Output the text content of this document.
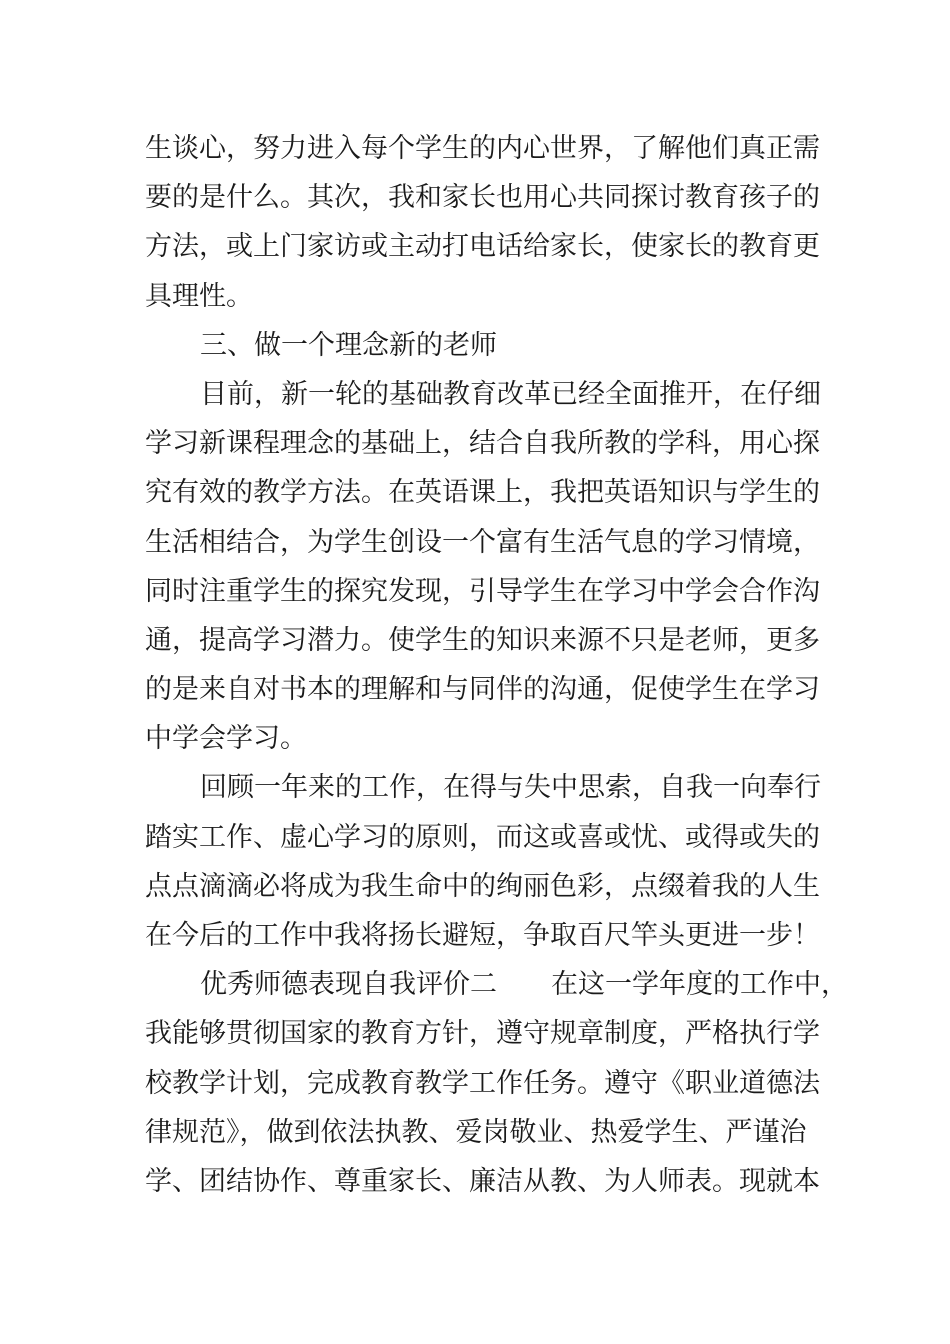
生谈心，努力进入每个学生的内心世界，了解他们真正需
要的是什么。其次，我和家长也用心共同探讨教育孩子的
方法，或上门家访或主动打电话给家长，使家长的教育更
具理性。
三、做一个理念新的老师
目前，新一轮的基础教育改革已经全面推开，在仔细
学习新课程理念的基础上，结合自我所教的学科，用心探
究有效的教学方法。在英语课上，我把英语知识与学生的
生活相结合，为学生创设一个富有生活气息的学习情境，
同时注重学生的探究发现，引导学生在学习中学会合作沟
通，提高学习潜力。使学生的知识来源不只是老师，更多
的是来自对书本的理解和与同伴的沟通，促使学生在学习
中学会学习。
回顾一年来的工作，在得与失中思索，自我一向奉行
踏实工作、虚心学习的原则，而这或喜或忧、或得或失的
点点滴滴必将成为我生命中的绚丽色彩，点缀着我的人生
在今后的工作中我将扬长避短，争取百尺竿头更进一步！
优秀师德表现自我评价二 在这一学年度的工作中，
我能够贯彻国家的教育方针，遵守规章制度，严格执行学
校教学计划，完成教育教学工作任务。遵守《职业道德法
律规范》，做到依法执教、爱岗敬业、热爱学生、严谨治
学、团结协作、尊重家长、廉洁从教、为人师表。现就本
